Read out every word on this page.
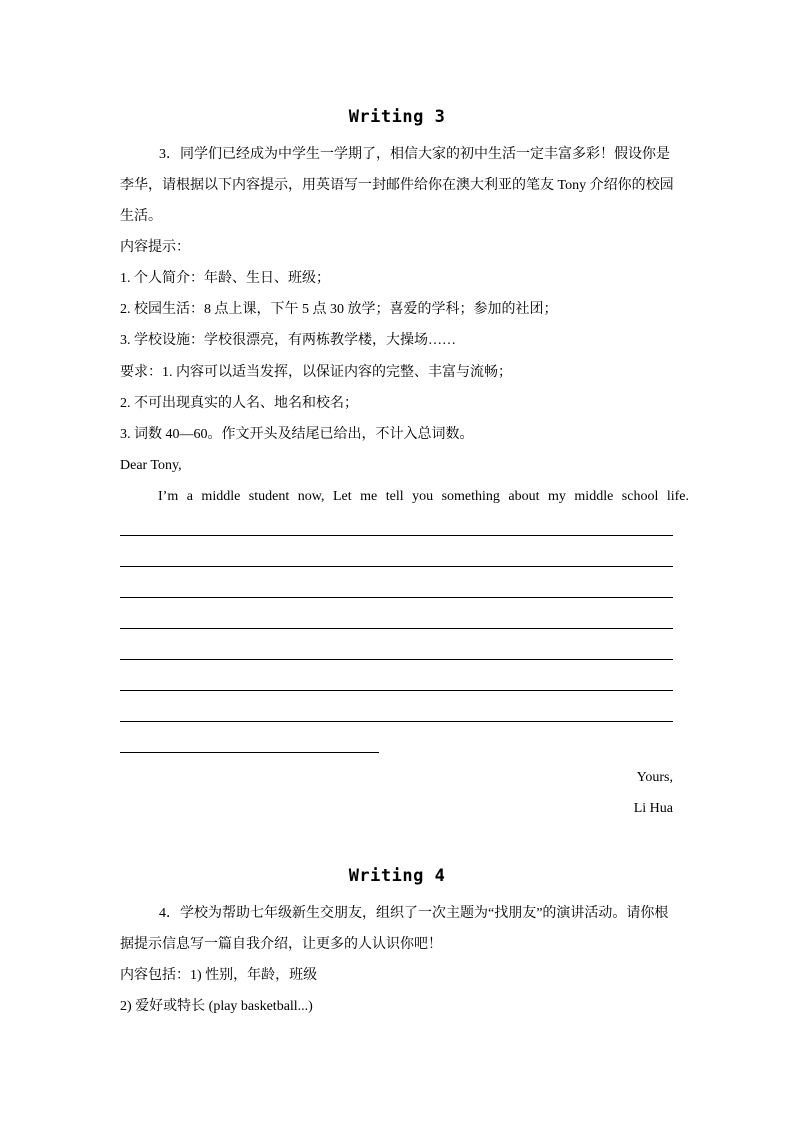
Writing 3
3．同学们已经成为中学生一学期了，相信大家的初中生活一定丰富多彩！假设你是
李华，请根据以下内容提示，用英语写一封邮件给你在澳大利亚的笔友 Tony 介绍你的校园
生活。
内容提示：
1. 个人简介：年龄、生日、班级；
2. 校园生活：8 点上课，下午 5 点 30 放学；喜爱的学科；参加的社团；
3. 学校设施：学校很漂亮，有两栋教学楼，大操场……
要求：1. 内容可以适当发挥，以保证内容的完整、丰富与流畅；
2. 不可出现真实的人名、地名和校名；
3. 词数 40—60。作文开头及结尾已给出，不计入总词数。
Dear Tony,
I’m a middle student now, Let me tell you something about my middle school life.
Yours,
Li Hua
Writing 4
4．学校为帮助七年级新生交朋友，组织了一次主题为“找朋友”的演讲活动。请你根
据提示信息写一篇自我介绍，让更多的人认识你吧！
内容包括：1) 性别，年龄，班级
2) 爱好或特长 (play basketball...)
